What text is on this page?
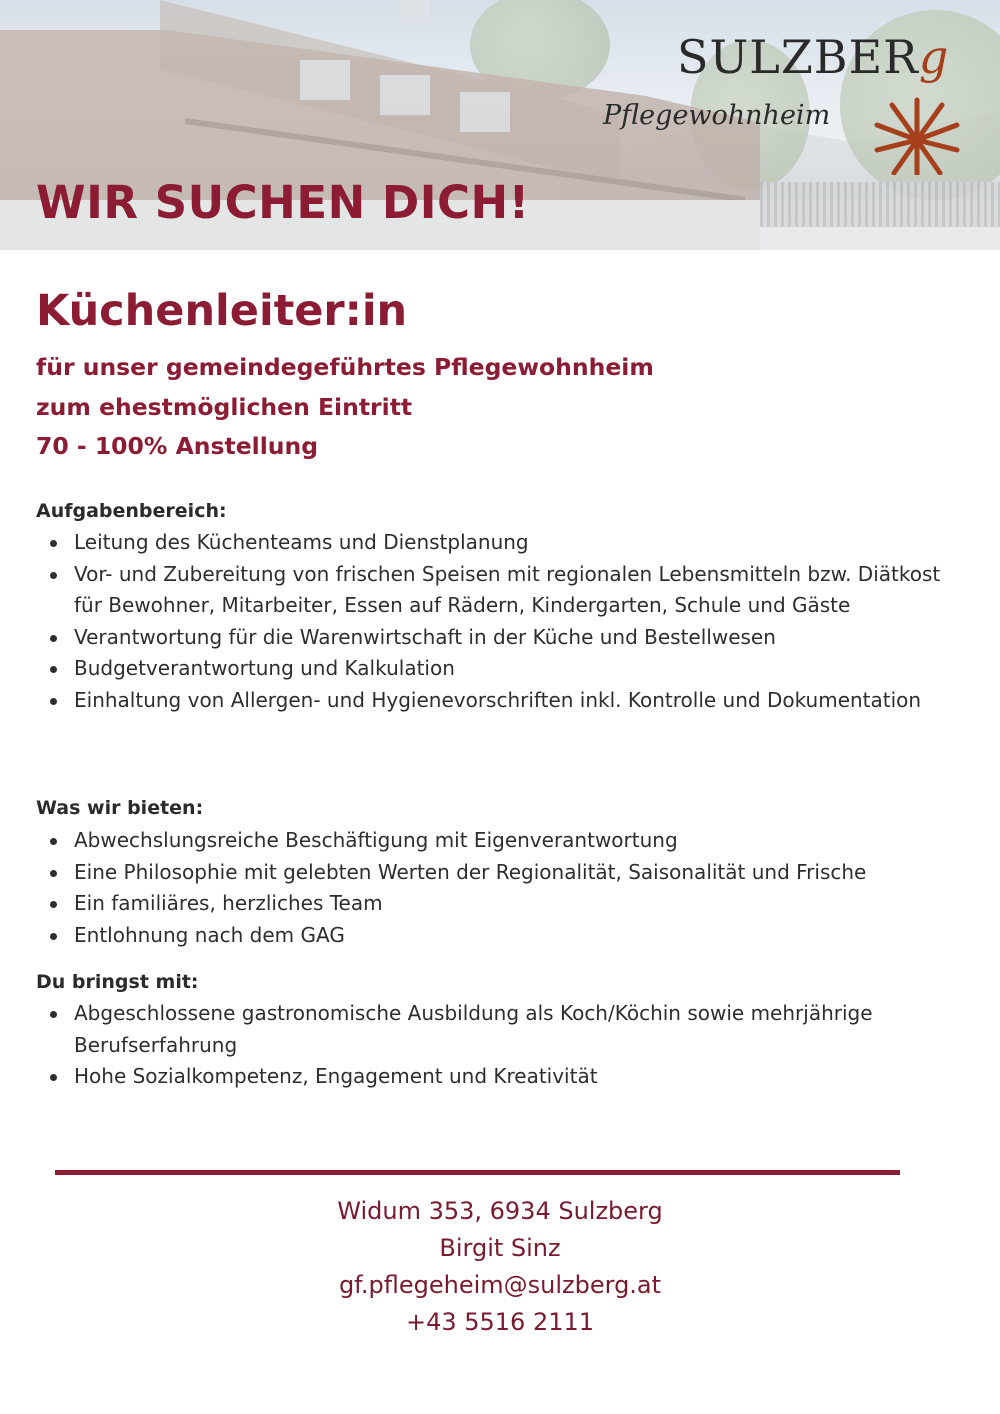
WIR SUCHEN DICH!
SULZBERg
Pflegewohnheim
Küchenleiter:in

für unser gemeindegeführtes Pflegewohnheim

zum ehestmöglichen Eintritt

70 - 100% Anstellung

Aufgabenbereich:
Leitung des Küchenteams und Dienstplanung
Vor- und Zubereitung von frischen Speisen mit regionalen Lebensmitteln bzw. Diätkost für Bewohner, Mitarbeiter, Essen auf Rädern, Kindergarten, Schule und Gäste
Verantwortung für die Warenwirtschaft in der Küche und Bestellwesen
Budgetverantwortung und Kalkulation
Einhaltung von Allergen- und Hygienevorschriften inkl. Kontrolle und Dokumentation
Was wir bieten:
Abwechslungsreiche Beschäftigung mit Eigenverantwortung
Eine Philosophie mit gelebten Werten der Regionalität, Saisonalität und Frische
Ein familiäres, herzliches Team
Entlohnung nach dem GAG
Du bringst mit:
Abgeschlossene gastronomische Ausbildung als Koch/Köchin sowie mehrjährige Berufserfahrung
Hohe Sozialkompetenz, Engagement und Kreativität
Widum 353, 6934 Sulzberg
Birgit Sinz
gf.pflegeheim@sulzberg.at
+43 5516 2111
